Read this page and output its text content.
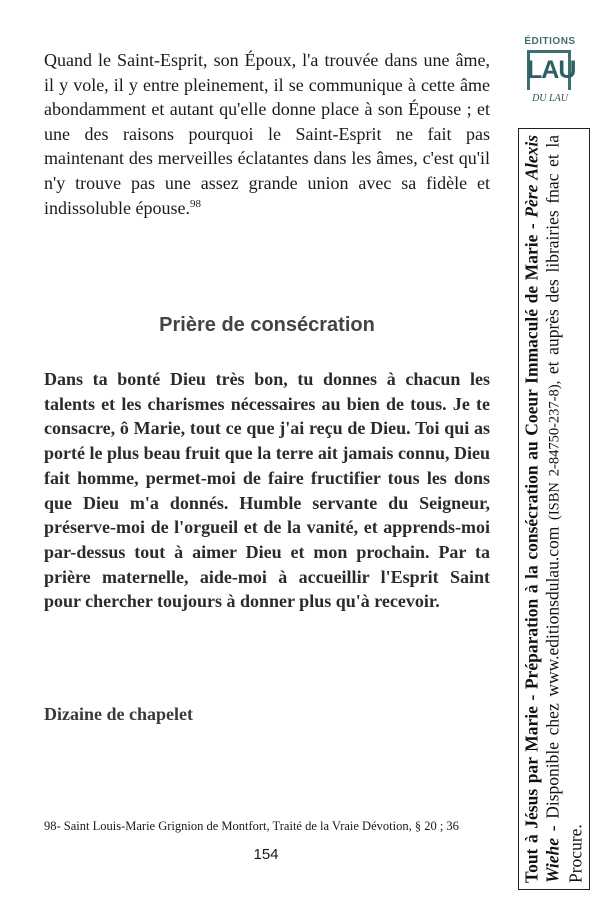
Quand le Saint-Esprit, son Époux, l'a trouvée dans une âme, il y vole, il y entre pleinement, il se communique à cette âme abondamment et autant qu'elle donne place à son Épouse ; et une des raisons pourquoi le Saint-Esprit ne fait pas maintenant des merveilles éclatantes dans les âmes, c'est qu'il n'y trouve pas une assez grande union avec sa fidèle et indissoluble épouse.$^{98}$

Prière de consécration

Dans ta bonté Dieu très bon, tu donnes à chacun les talents et les charismes nécessaires au bien de tous. Je te consacre, ô Marie, tout ce que j'ai reçu de Dieu. Toi qui as porté le plus beau fruit que la terre ait jamais connu, Dieu fait homme, permet-moi de faire fructifier tous les dons que Dieu m'a donnés. Humble servante du Seigneur, préserve-moi de l'orgueil et de la vanité, et apprends-moi par-dessus tout à aimer Dieu et mon prochain. Par ta prière maternelle, aide-moi à accueillir l'Esprit Saint pour chercher toujours à donner plus qu'à recevoir.

Dizaine de chapelet

98- Saint Louis-Marie Grignion de Montfort, Traité de la Vraie Dévotion, § 20 ; 36

154

ÉDITIONS
LAU
DU LAU
Tout à Jésus par Marie - Préparation à la consécration au Coeur Immaculé de Marie - Père Alexis Wiehe - Disponible chez www.editionsdulau.com (ISBN 2-84750-237-8), et auprès des librairies fnac et la Procure.
